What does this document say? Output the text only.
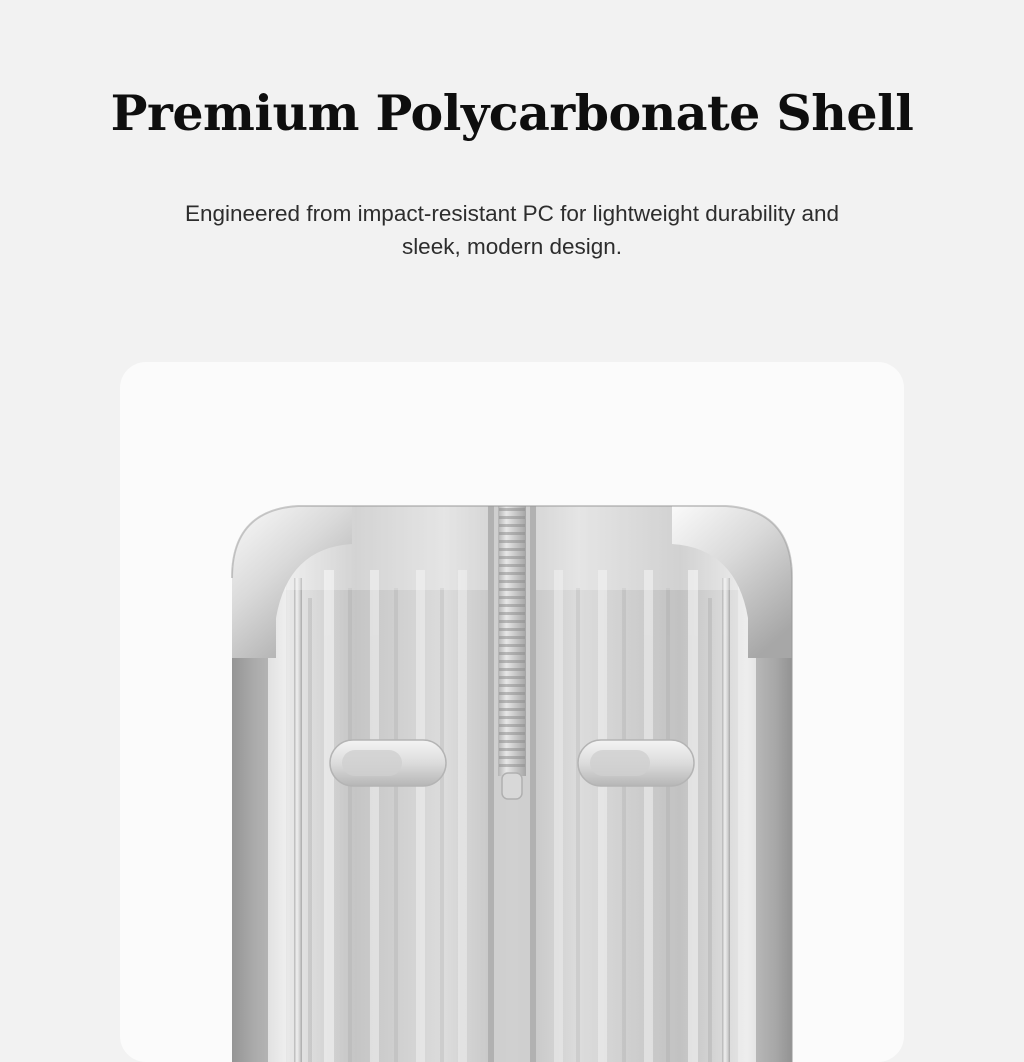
Premium Polycarbonate Shell

Engineered from impact-resistant PC for lightweight durability and sleek, modern design.
